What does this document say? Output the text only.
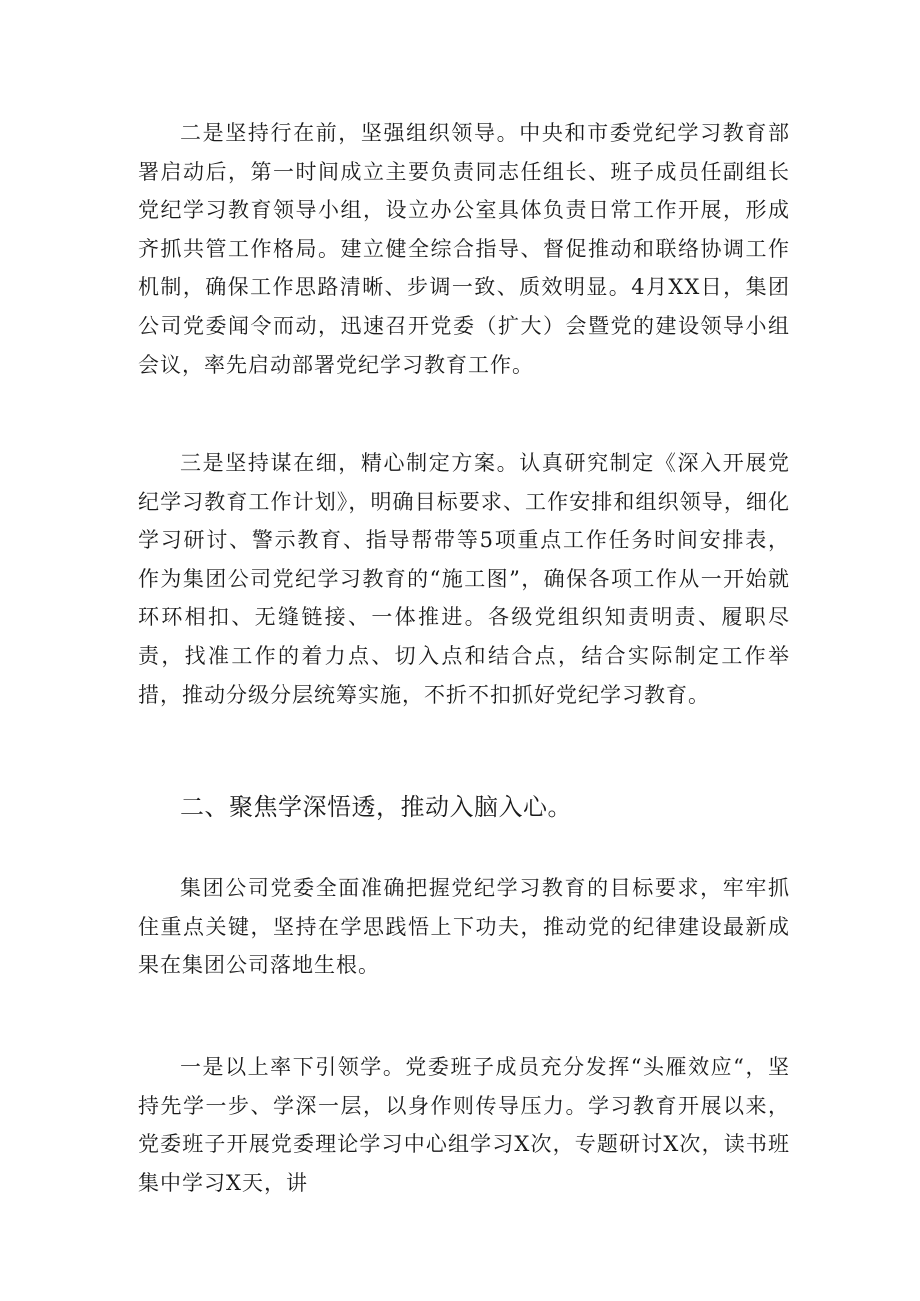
二是坚持行在前，坚强组织领导。中央和市委党纪学习教育部署启动后，第一时间成立主要负责同志任组长、班子成员任副组长党纪学习教育领导小组，设立办公室具体负责日常工作开展，形成齐抓共管工作格局。建立健全综合指导、督促推动和联络协调工作机制，确保工作思路清晰、步调一致、质效明显。4月XX日，集团公司党委闻令而动，迅速召开党委（扩大）会暨党的建设领导小组会议，率先启动部署党纪学习教育工作。

三是坚持谋在细，精心制定方案。认真研究制定《深入开展党纪学习教育工作计划》，明确目标要求、工作安排和组织领导，细化学习研讨、警示教育、指导帮带等5项重点工作任务时间安排表，作为集团公司党纪学习教育的“施工图”，确保各项工作从一开始就环环相扣、无缝链接、一体推进。各级党组织知责明责、履职尽责，找准工作的着力点、切入点和结合点，结合实际制定工作举措，推动分级分层统筹实施，不折不扣抓好党纪学习教育。

二、聚焦学深悟透，推动入脑入心。

集团公司党委全面准确把握党纪学习教育的目标要求，牢牢抓住重点关键，坚持在学思践悟上下功夫，推动党的纪律建设最新成果在集团公司落地生根。

一是以上率下引领学。党委班子成员充分发挥“头雁效应“，坚持先学一步、学深一层，以身作则传导压力。学习教育开展以来，党委班子开展党委理论学习中心组学习X次，专题研讨X次，读书班集中学习X天，讲
